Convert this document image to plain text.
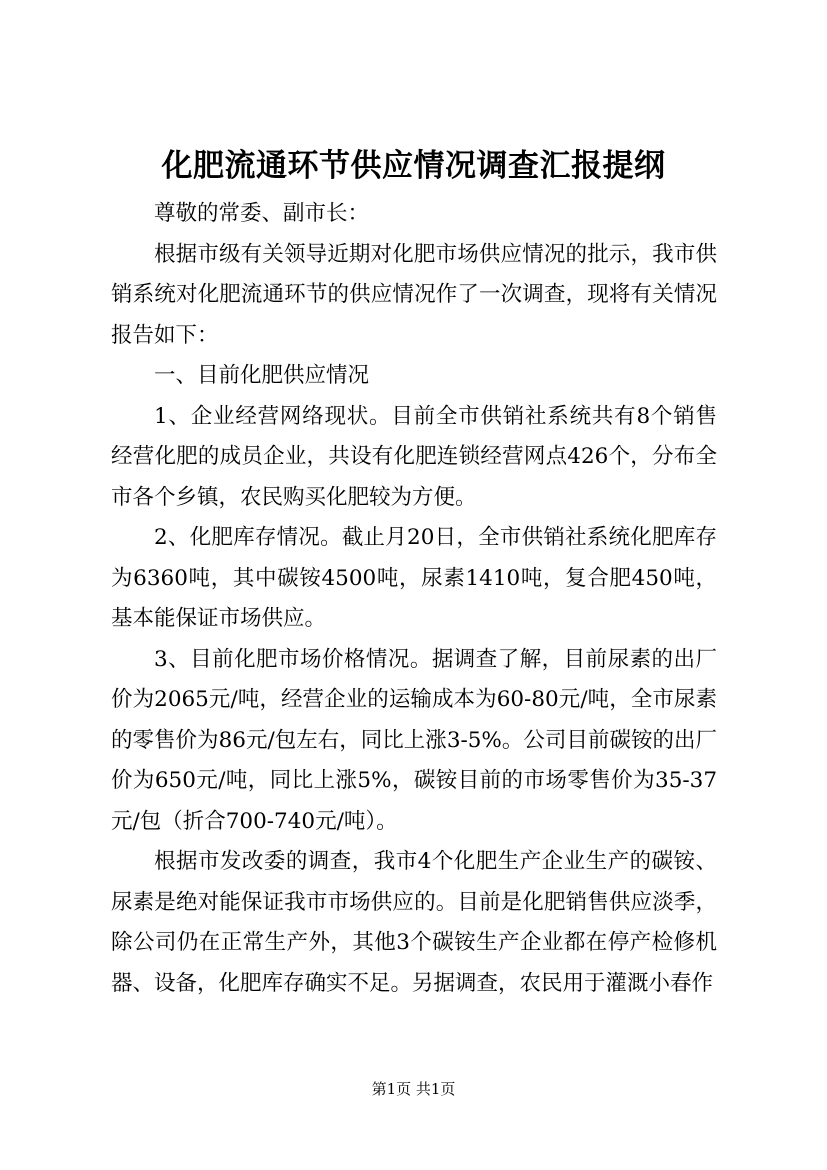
化肥流通环节供应情况调查汇报提纲

尊敬的常委、副市长：

根据市级有关领导近期对化肥市场供应情况的批示，我市供销系统对化肥流通环节的供应情况作了一次调查，现将有关情况报告如下：

一、目前化肥供应情况

1、企业经营网络现状。目前全市供销社系统共有8个销售经营化肥的成员企业，共设有化肥连锁经营网点426个，分布全市各个乡镇，农民购买化肥较为方便。

2、化肥库存情况。截止月20日，全市供销社系统化肥库存为6360吨，其中碳铵4500吨，尿素1410吨，复合肥450吨，基本能保证市场供应。

3、目前化肥市场价格情况。据调查了解，目前尿素的出厂价为2065元/吨，经营企业的运输成本为60-80元/吨，全市尿素的零售价为86元/包左右，同比上涨3-5%。公司目前碳铵的出厂价为650元/吨，同比上涨5%，碳铵目前的市场零售价为35-37元/包（折合700-740元/吨）。

根据市发改委的调查，我市4个化肥生产企业生产的碳铵、尿素是绝对能保证我市市场供应的。目前是化肥销售供应淡季，除公司仍在正常生产外，其他3个碳铵生产企业都在停产检修机器、设备，化肥库存确实不足。另据调查，农民用于灌溉小春作

第1页 共1页
